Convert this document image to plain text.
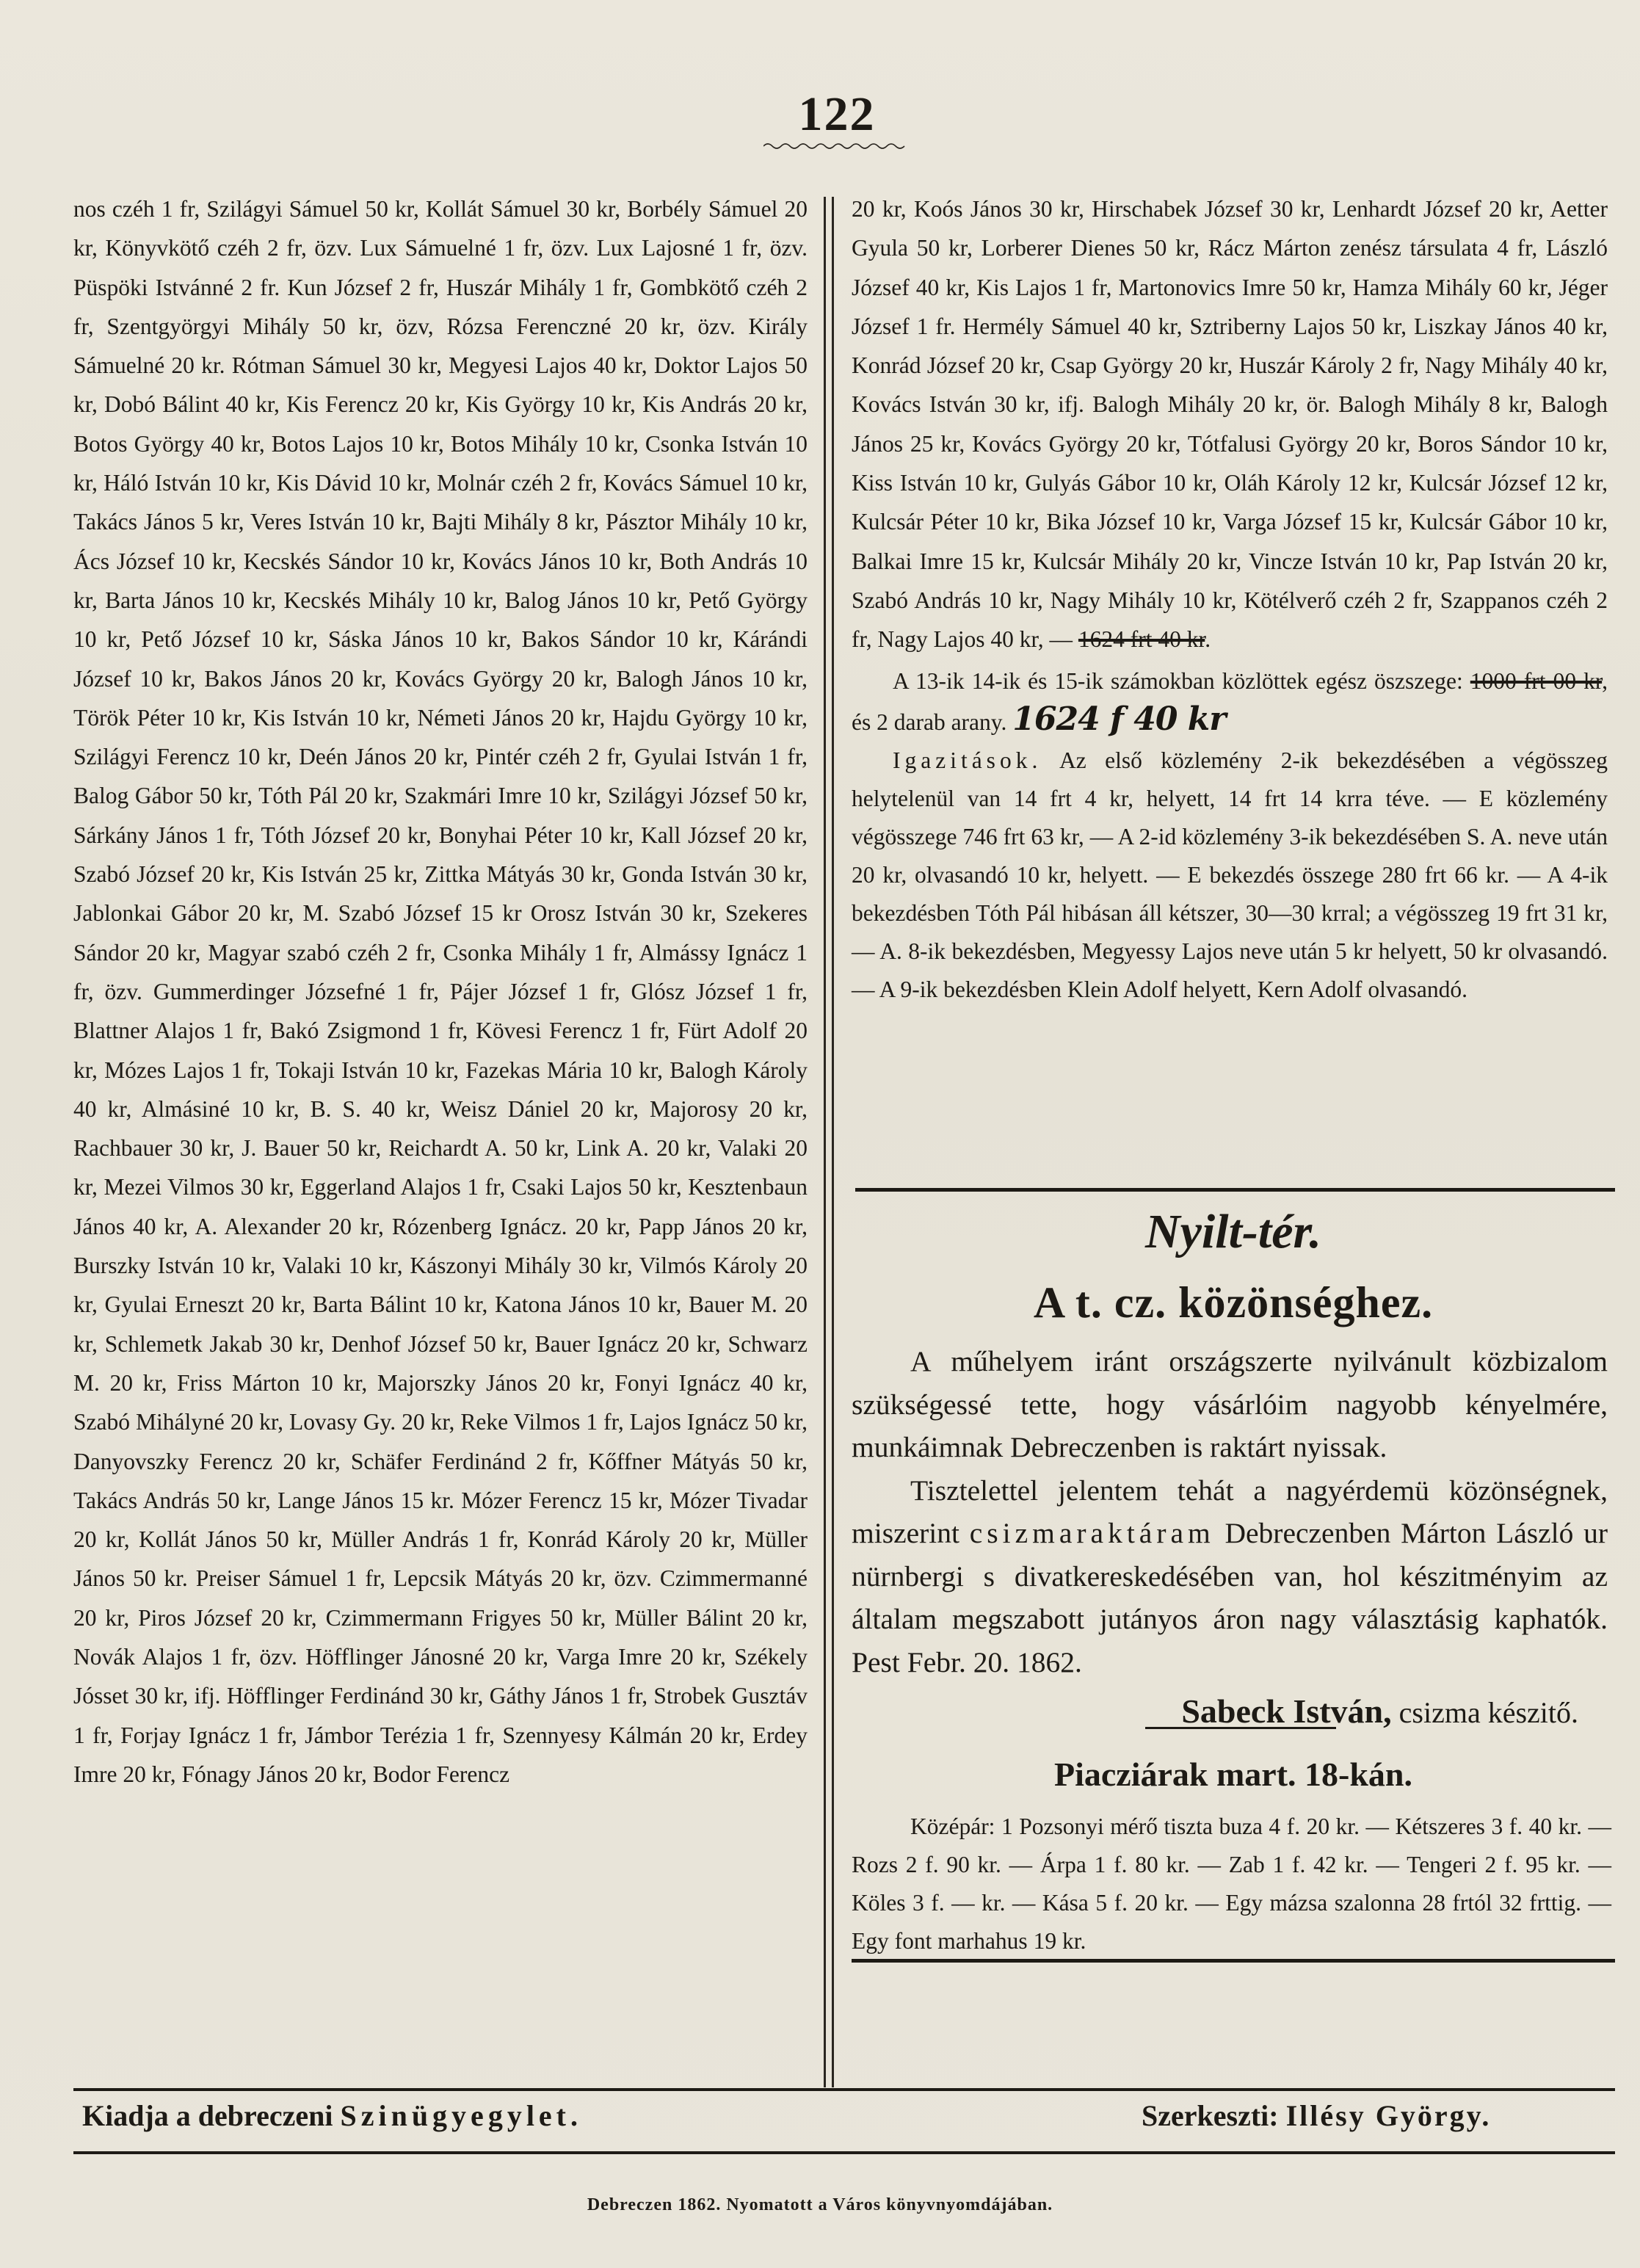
122

nos czéh 1 fr, Szilágyi Sámuel 50 kr, Kollát Sámuel 30 kr, Borbély Sámuel 20 kr, Könyvkötő czéh 2 fr, özv. Lux Sámuelné 1 fr, özv. Lux Lajosné 1 fr, özv. Püspöki Istvánné 2 fr. Kun József 2 fr, Huszár Mihály 1 fr, Gombkötő czéh 2 fr, Szentgyörgyi Mihály 50 kr, özv, Rózsa Ferenczné 20 kr, özv. Király Sámuelné 20 kr. Rótman Sámuel 30 kr, Megyesi Lajos 40 kr, Doktor Lajos 50 kr, Dobó Bálint 40 kr, Kis Ferencz 20 kr, Kis György 10 kr, Kis András 20 kr, Botos György 40 kr, Botos Lajos 10 kr, Botos Mihály 10 kr, Csonka István 10 kr, Háló István 10 kr, Kis Dávid 10 kr, Molnár czéh 2 fr, Kovács Sámuel 10 kr, Takács János 5 kr, Veres István 10 kr, Bajti Mihály 8 kr, Pásztor Mihály 10 kr, Ács József 10 kr, Kecskés Sándor 10 kr, Kovács János 10 kr, Both András 10 kr, Barta János 10 kr, Kecskés Mihály 10 kr, Balog János 10 kr, Pető György 10 kr, Pető József 10 kr, Sáska János 10 kr, Bakos Sándor 10 kr, Kárándi József 10 kr, Bakos János 20 kr, Kovács György 20 kr, Balogh János 10 kr, Török Péter 10 kr, Kis István 10 kr, Németi János 20 kr, Hajdu György 10 kr, Szilágyi Ferencz 10 kr, Deén János 20 kr, Pintér czéh 2 fr, Gyulai István 1 fr, Balog Gábor 50 kr, Tóth Pál 20 kr, Szakmári Imre 10 kr, Szilágyi József 50 kr, Sárkány János 1 fr, Tóth József 20 kr, Bonyhai Péter 10 kr, Kall József 20 kr, Szabó József 20 kr, Kis István 25 kr, Zittka Mátyás 30 kr, Gonda István 30 kr, Jablonkai Gábor 20 kr, M. Szabó József 15 kr Orosz István 30 kr, Szekeres Sándor 20 kr, Magyar szabó czéh 2 fr, Csonka Mihály 1 fr, Almássy Ignácz 1 fr, özv. Gummerdinger Józsefné 1 fr, Pájer József 1 fr, Glósz József 1 fr, Blattner Alajos 1 fr, Bakó Zsigmond 1 fr, Kövesi Ferencz 1 fr, Fürt Adolf 20 kr, Mózes Lajos 1 fr, Tokaji István 10 kr, Fazekas Mária 10 kr, Balogh Károly 40 kr, Almásiné 10 kr, B. S. 40 kr, Weisz Dániel 20 kr, Majorosy 20 kr, Rachbauer 30 kr, J. Bauer 50 kr, Reichardt A. 50 kr, Link A. 20 kr, Valaki 20 kr, Mezei Vilmos 30 kr, Eggerland Alajos 1 fr, Csaki Lajos 50 kr, Kesztenbaun János 40 kr, A. Alexander 20 kr, Rózenberg Ignácz. 20 kr, Papp János 20 kr, Burszky István 10 kr, Valaki 10 kr, Kászonyi Mihály 30 kr, Vilmós Károly 20 kr, Gyulai Erneszt 20 kr, Barta Bálint 10 kr, Katona János 10 kr, Bauer M. 20 kr, Schlemetk Jakab 30 kr, Denhof József 50 kr, Bauer Ignácz 20 kr, Schwarz M. 20 kr, Friss Márton 10 kr, Majorszky János 20 kr, Fonyi Ignácz 40 kr, Szabó Mihályné 20 kr, Lovasy Gy. 20 kr, Reke Vilmos 1 fr, Lajos Ignácz 50 kr, Danyovszky Ferencz 20 kr, Schäfer Ferdinánd 2 fr, Kőffner Mátyás 50 kr, Takács András 50 kr, Lange János 15 kr. Mózer Ferencz 15 kr, Mózer Tivadar 20 kr, Kollát János 50 kr, Müller András 1 fr, Konrád Károly 20 kr, Müller János 50 kr. Preiser Sámuel 1 fr, Lepcsik Mátyás 20 kr, özv. Czimmermanné 20 kr, Piros József 20 kr, Czimmermann Frigyes 50 kr, Müller Bálint 20 kr, Novák Alajos 1 fr, özv. Höfflinger Jánosné 20 kr, Varga Imre 20 kr, Székely Jósset 30 kr, ifj. Höfflinger Ferdinánd 30 kr, Gáthy János 1 fr, Strobek Gusztáv 1 fr, Forjay Ignácz 1 fr, Jámbor Terézia 1 fr, Szennyesy Kálmán 20 kr, Erdey Imre 20 kr, Fónagy János 20 kr, Bodor Ferencz

20 kr, Koós János 30 kr, Hirschabek József 30 kr, Lenhardt József 20 kr, Aetter Gyula 50 kr, Lorberer Dienes 50 kr, Rácz Márton zenész társulata 4 fr, László József 40 kr, Kis Lajos 1 fr, Martonovics Imre 50 kr, Hamza Mihály 60 kr, Jéger József 1 fr. Hermély Sámuel 40 kr, Sztriberny Lajos 50 kr, Liszkay János 40 kr, Konrád József 20 kr, Csap György 20 kr, Huszár Károly 2 fr, Nagy Mihály 40 kr, Kovács István 30 kr, ifj. Balogh Mihály 20 kr, ör. Balogh Mihály 8 kr, Balogh János 25 kr, Kovács György 20 kr, Tótfalusi György 20 kr, Boros Sándor 10 kr, Kiss István 10 kr, Gulyás Gábor 10 kr, Oláh Károly 12 kr, Kulcsár József 12 kr, Kulcsár Péter 10 kr, Bika József 10 kr, Varga József 15 kr, Kulcsár Gábor 10 kr, Balkai Imre 15 kr, Kulcsár Mihály 20 kr, Vincze István 10 kr, Pap István 20 kr, Szabó András 10 kr, Nagy Mihály 10 kr, Kötélverő czéh 2 fr, Szappanos czéh 2 fr, Nagy Lajos 40 kr, — 1624 frt 40 kr.

A 13-ik 14-ik és 15-ik számokban közlöttek egész öszszege: 1000 frt 00 kr, és 2 darab arany. 1624 f 40 kr

Igazitások. Az első közlemény 2-ik bekezdésében a végösszeg helytelenül van 14 frt 4 kr, helyett, 14 frt 14 krra téve. — E közlemény végösszege 746 frt 63 kr, — A 2-id közlemény 3-ik bekezdésében S. A. neve után 20 kr, olvasandó 10 kr, helyett. — E bekezdés összege 280 frt 66 kr. — A 4-ik bekezdésben Tóth Pál hibásan áll kétszer, 30—30 krral; a végösszeg 19 frt 31 kr, — A. 8-ik bekezdésben, Megyessy Lajos neve után 5 kr helyett, 50 kr olvasandó. — A 9-ik bekezdésben Klein Adolf helyett, Kern Adolf olvasandó.

Nyilt-tér.
A t. cz. közönséghez.

A műhelyem iránt országszerte nyilvánult közbizalom szükségessé tette, hogy vásárlóim nagyobb kényelmére, munkáimnak Debreczenben is raktárt nyissak.

Tisztelettel jelentem tehát a nagyérdemü közönségnek, miszerint csizmaraktáram Debreczenben Márton László ur nürnbergi s divatkereskedésében van, hol készitményim az általam megszabott jutányos áron nagy választásig kaphatók. Pest Febr. 20. 1862.

Sabeck István, csizma készitő.
Piacziárak mart. 18-kán.

Középár: 1 Pozsonyi mérő tiszta buza 4 f. 20 kr. — Kétszeres 3 f. 40 kr. — Rozs 2 f. 90 kr. — Árpa 1 f. 80 kr. — Zab 1 f. 42 kr. — Tengeri 2 f. 95 kr. — Köles 3 f. — kr. — Kása 5 f. 20 kr. — Egy mázsa szalonna 28 frtól 32 frttig. — Egy font marhahus 19 kr.

Kiadja a debreczeni Szinügyegylet.	Szerkeszti: Illésy György.
Debreczen 1862. Nyomatott a Város könyvnyomdájában.
